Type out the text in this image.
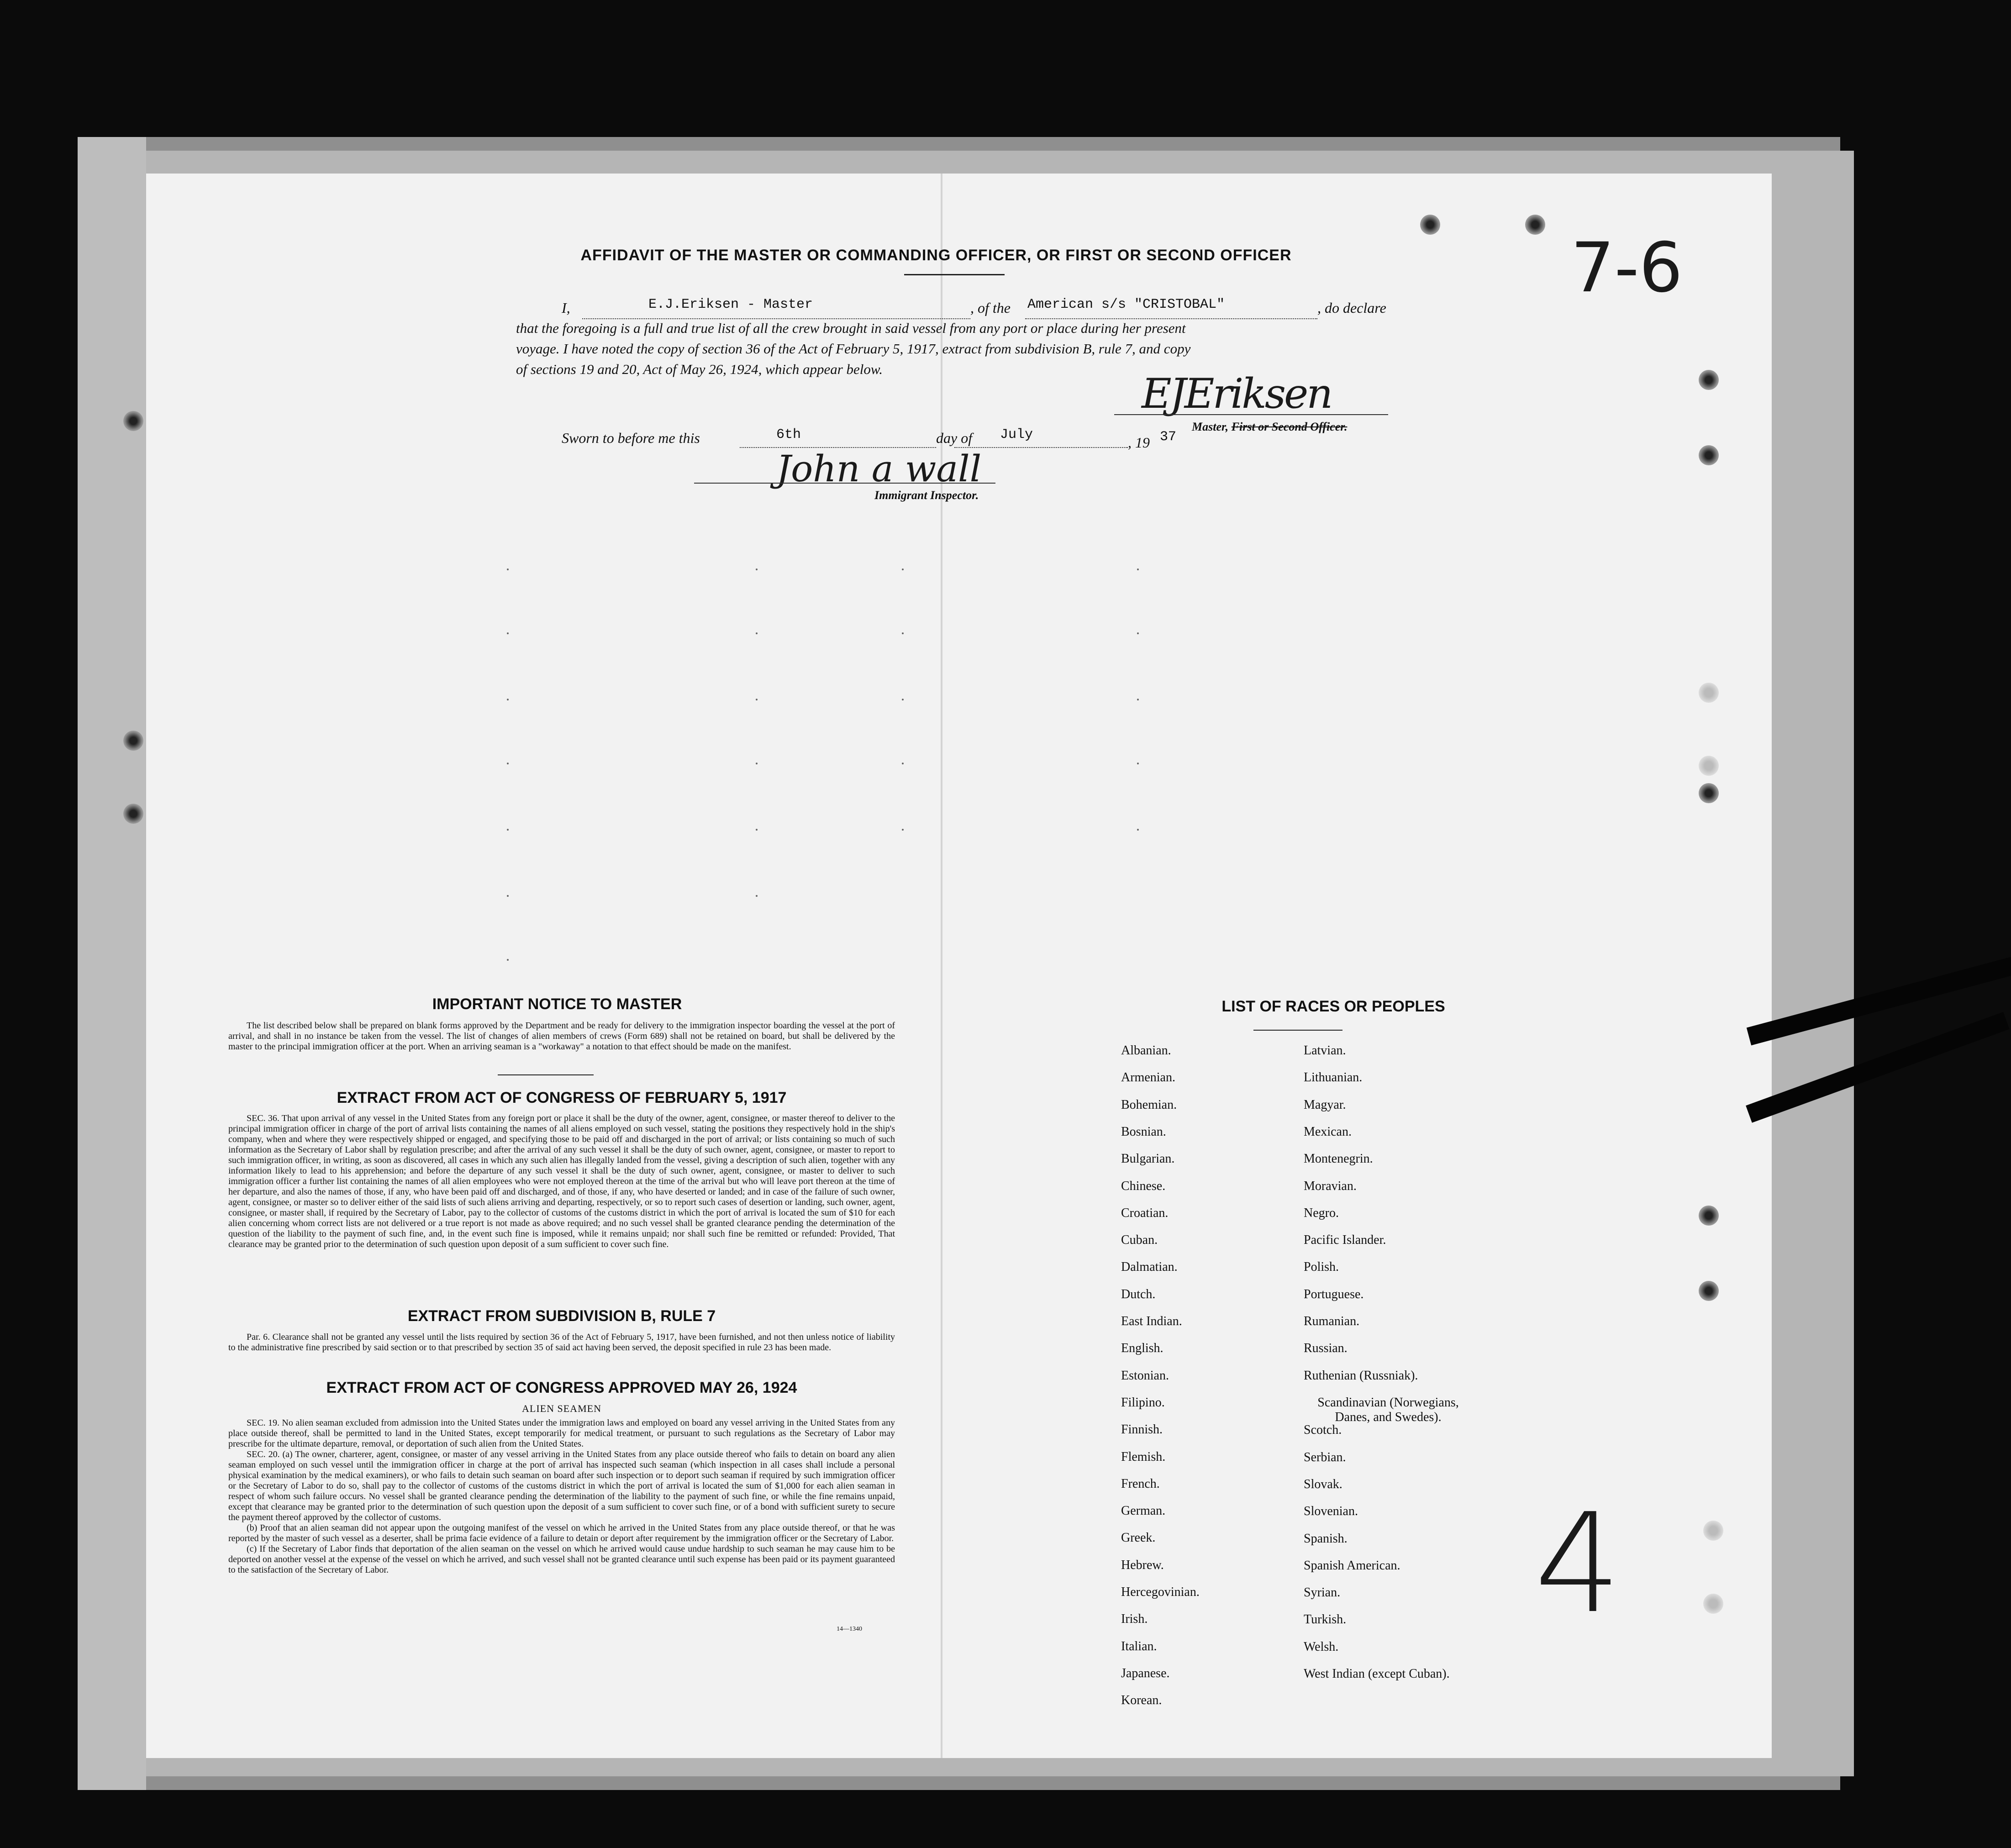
7-6
AFFIDAVIT OF THE MASTER OR COMMANDING OFFICER, OR FIRST OR SECOND OFFICER
I,	E.J.Eriksen - Master	, of the American s/s "CRISTOBAL"	, do declare
that the foregoing is a full and true list of all the crew brought in said vessel from any port or place during her present
voyage. I have noted the copy of section 36 of the Act of February 5, 1917, extract from subdivision B, rule 7, and copy
of sections 19 and 20, Act of May 26, 1924, which appear below.
EJEriksen
Master, First or Second Officer.
Sworn to before me this	6th	day of July	, 19 37
John a wall
Immigrant Inspector.
IMPORTANT NOTICE TO MASTER

The list described below shall be prepared on blank forms approved by the Department and be ready for delivery to the immigration inspector boarding the vessel at the port of arrival, and shall in no instance be taken from the vessel. The list of changes of alien members of crews (Form 689) shall not be retained on board, but shall be delivered by the master to the principal immigration officer at the port. When an arriving seaman is a "workaway" a notation to that effect should be made on the manifest.

EXTRACT FROM ACT OF CONGRESS OF FEBRUARY 5, 1917

SEC. 36. That upon arrival of any vessel in the United States from any foreign port or place it shall be the duty of the owner, agent, consignee, or master thereof to deliver to the principal immigration officer in charge of the port of arrival lists containing the names of all aliens employed on such vessel, stating the positions they respectively hold in the ship's company, when and where they were respectively shipped or engaged, and specifying those to be paid off and discharged in the port of arrival; or lists containing so much of such information as the Secretary of Labor shall by regulation prescribe; and after the arrival of any such vessel it shall be the duty of such owner, agent, consignee, or master to report to such immigration officer, in writing, as soon as discovered, all cases in which any such alien has illegally landed from the vessel, giving a description of such alien, together with any information likely to lead to his apprehension; and before the departure of any such vessel it shall be the duty of such owner, agent, consignee, or master to deliver to such immigration officer a further list containing the names of all alien employees who were not employed thereon at the time of the arrival but who will leave port thereon at the time of her departure, and also the names of those, if any, who have been paid off and discharged, and of those, if any, who have deserted or landed; and in case of the failure of such owner, agent, consignee, or master so to deliver either of the said lists of such aliens arriving and departing, respectively, or so to report such cases of desertion or landing, such owner, agent, consignee, or master shall, if required by the Secretary of Labor, pay to the collector of customs of the customs district in which the port of arrival is located the sum of $10 for each alien concerning whom correct lists are not delivered or a true report is not made as above required; and no such vessel shall be granted clearance pending the determination of the question of the liability to the payment of such fine, and, in the event such fine is imposed, while it remains unpaid; nor shall such fine be remitted or refunded: Provided, That clearance may be granted prior to the determination of such question upon deposit of a sum sufficient to cover such fine.

EXTRACT FROM SUBDIVISION B, RULE 7

Par. 6. Clearance shall not be granted any vessel until the lists required by section 36 of the Act of February 5, 1917, have been furnished, and not then unless notice of liability to the administrative fine prescribed by said section or to that prescribed by section 35 of said act having been served, the deposit specified in rule 23 has been made.

EXTRACT FROM ACT OF CONGRESS APPROVED MAY 26, 1924
ALIEN SEAMEN

SEC. 19. No alien seaman excluded from admission into the United States under the immigration laws and employed on board any vessel arriving in the United States from any place outside thereof, shall be permitted to land in the United States, except temporarily for medical treatment, or pursuant to such regulations as the Secretary of Labor may prescribe for the ultimate departure, removal, or deportation of such alien from the United States.

SEC. 20. (a) The owner, charterer, agent, consignee, or master of any vessel arriving in the United States from any place outside thereof who fails to detain on board any alien seaman employed on such vessel until the immigration officer in charge at the port of arrival has inspected such seaman (which inspection in all cases shall include a personal physical examination by the medical examiners), or who fails to detain such seaman on board after such inspection or to deport such seaman if required by such immigration officer or the Secretary of Labor to do so, shall pay to the collector of customs of the customs district in which the port of arrival is located the sum of $1,000 for each alien seaman in respect of whom such failure occurs. No vessel shall be granted clearance pending the determination of the liability to the payment of such fine, or while the fine remains unpaid, except that clearance may be granted prior to the determination of such question upon the deposit of a sum sufficient to cover such fine, or of a bond with sufficient surety to secure the payment thereof approved by the collector of customs.

(b) Proof that an alien seaman did not appear upon the outgoing manifest of the vessel on which he arrived in the United States from any place outside thereof, or that he was reported by the master of such vessel as a deserter, shall be prima facie evidence of a failure to detain or deport after requirement by the immigration officer or the Secretary of Labor.

(c) If the Secretary of Labor finds that deportation of the alien seaman on the vessel on which he arrived would cause undue hardship to such seaman he may cause him to be deported on another vessel at the expense of the vessel on which he arrived, and such vessel shall not be granted clearance until such expense has been paid or its payment guaranteed to the satisfaction of the Secretary of Labor.

14—1340
LIST OF RACES OR PEOPLES
Albanian.
Armenian.
Bohemian.
Bosnian.
Bulgarian.
Chinese.
Croatian.
Cuban.
Dalmatian.
Dutch.
East Indian.
English.
Estonian.
Filipino.
Finnish.
Flemish.
French.
German.
Greek.
Hebrew.
Hercegovinian.
Irish.
Italian.
Japanese.
Korean.
Latvian.
Lithuanian.
Magyar.
Mexican.
Montenegrin.
Moravian.
Negro.
Pacific Islander.
Polish.
Portuguese.
Rumanian.
Russian.
Ruthenian (Russniak).
Scandinavian (Norwegians, Danes, and Swedes).
Scotch.
Serbian.
Slovak.
Slovenian.
Spanish.
Spanish American.
Syrian.
Turkish.
Welsh.
West Indian (except Cuban).
4
